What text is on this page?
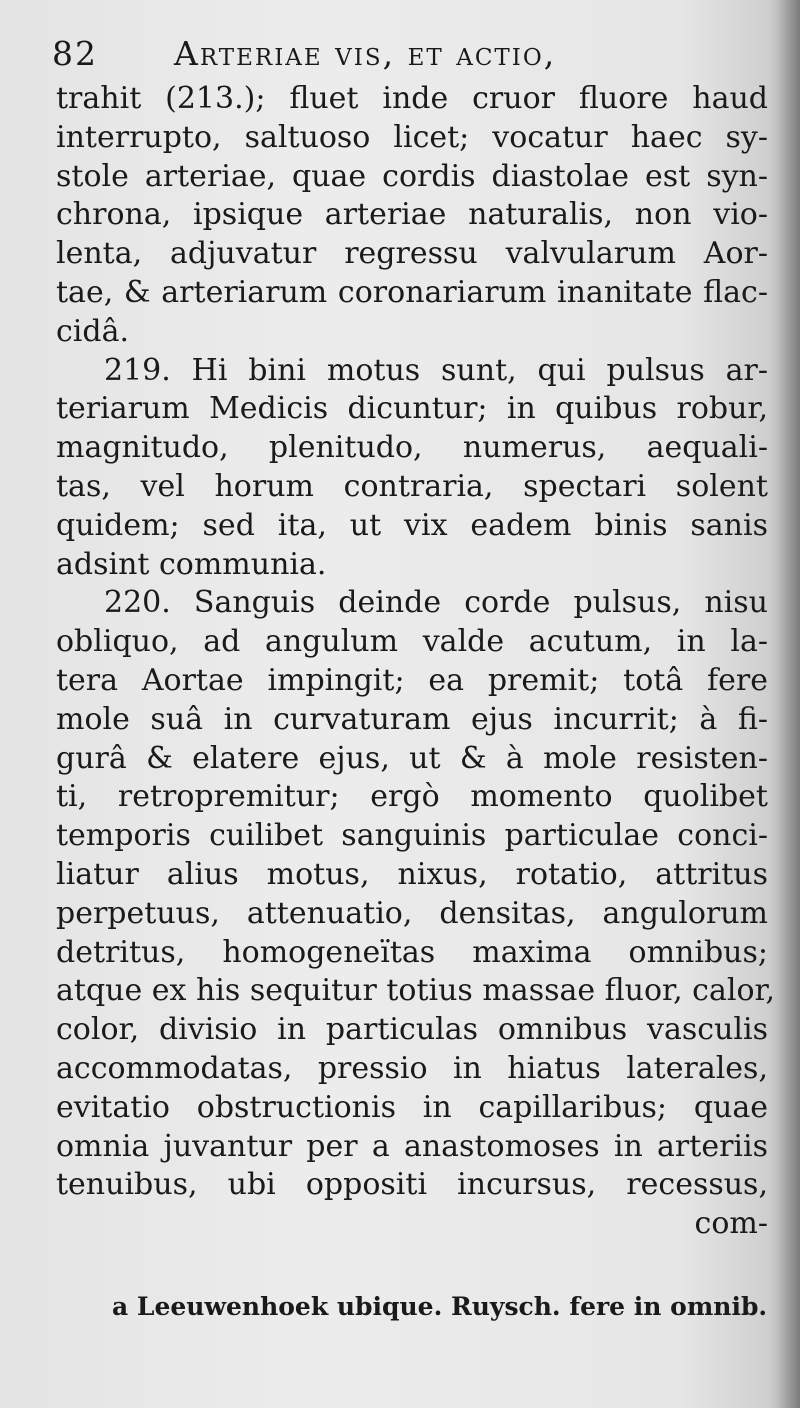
82 Arteriae vis, et actio,
trahit (213.); fluet inde cruor fluore haud
interrupto, saltuoso licet; vocatur haec sy-
stole arteriae, quae cordis diastolae est syn-
chrona, ipsique arteriae naturalis, non vio-
lenta, adjuvatur regressu valvularum Aor-
tae, & arteriarum coronariarum inanitate flac-
cidâ.
219. Hi bini motus sunt, qui pulsus ar-
teriarum Medicis dicuntur; in quibus robur,
magnitudo, plenitudo, numerus, aequali-
tas, vel horum contraria, spectari solent
quidem; sed ita, ut vix eadem binis sanis
adsint communia.
220. Sanguis deinde corde pulsus, nisu
obliquo, ad angulum valde acutum, in la-
tera Aortae impingit; ea premit; totâ fere
mole suâ in curvaturam ejus incurrit; à fi-
gurâ & elatere ejus, ut & à mole resisten-
ti, retropremitur; ergò momento quolibet
temporis cuilibet sanguinis particulae conci-
liatur alius motus, nixus, rotatio, attritus
perpetuus, attenuatio, densitas, angulorum
detritus, homogeneïtas maxima omnibus;
atque ex his sequitur totius massae fluor, calor,
color, divisio in particulas omnibus vasculis
accommodatas, pressio in hiatus laterales,
evitatio obstructionis in capillaribus; quae
omnia juvantur per a anastomoses in arteriis
tenuibus, ubi oppositi incursus, recessus,
com-
a Leeuwenhoek ubique. Ruysch. fere in omnib.
